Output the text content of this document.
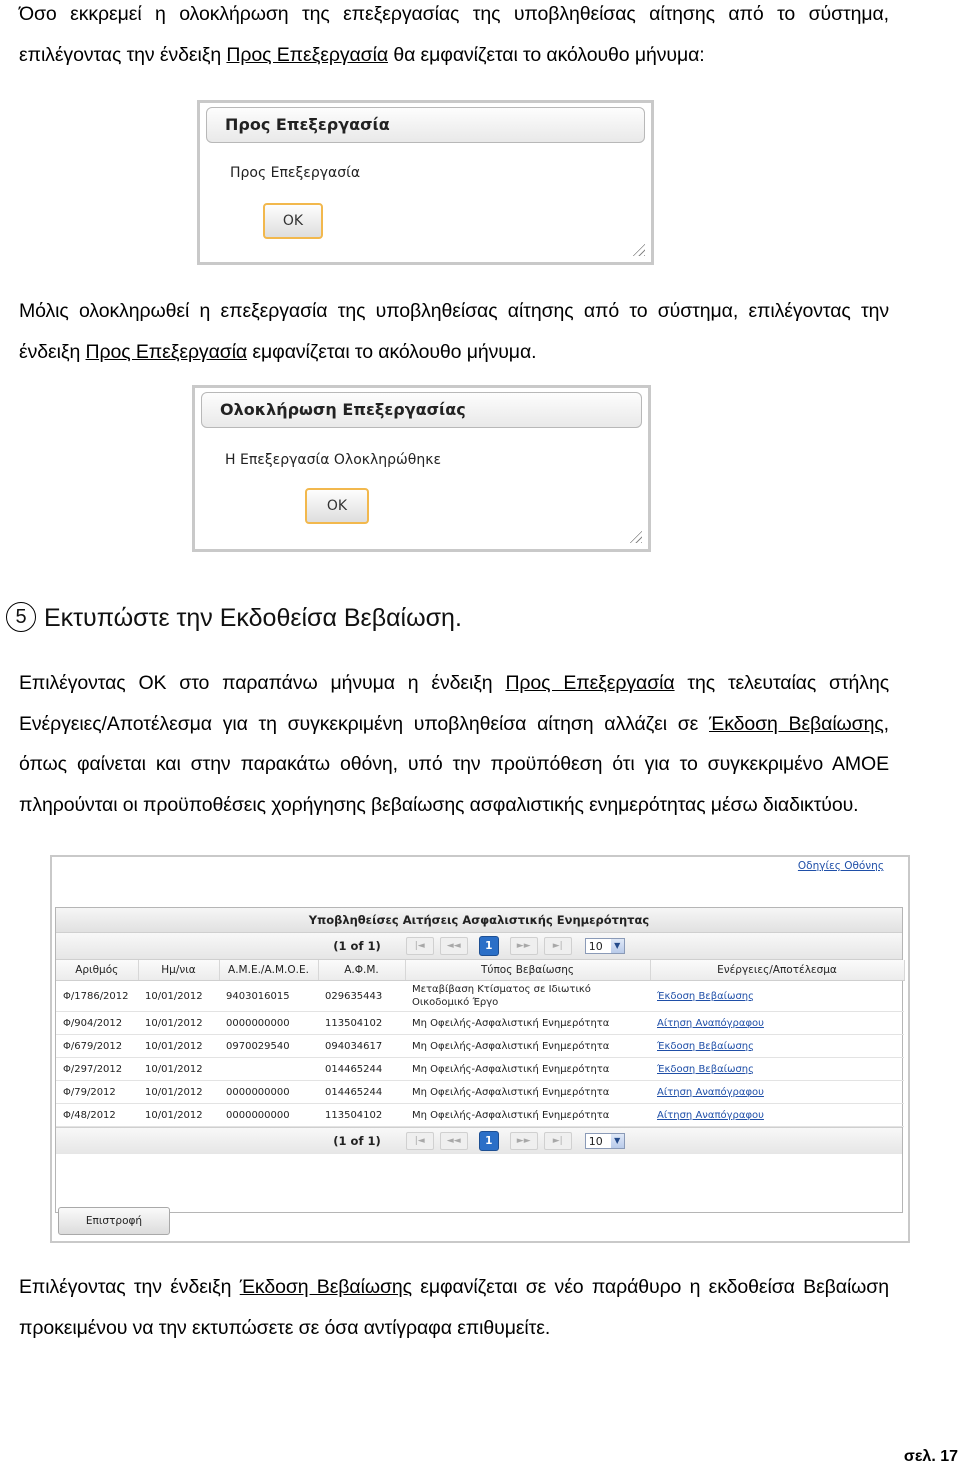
Όσο εκκρεμεί η ολοκλήρωση της επεξεργασίας της υποβληθείσας αίτησης από το σύστημα, επιλέγοντας την ένδειξη Προς Επεξεργασία θα εμφανίζεται το ακόλουθο μήνυμα:
Προς Επεξεργασία
Προς Επεξεργασία
OK
Μόλις ολοκληρωθεί η επεξεργασία της υποβληθείσας αίτησης από το σύστημα, επιλέγοντας την ένδειξη Προς Επεξεργασία εμφανίζεται το ακόλουθο μήνυμα.
Ολοκλήρωση Επεξεργασίας
Η Επεξεργασία Ολοκληρώθηκε
OK
5 Εκτυπώστε την Εκδοθείσα Βεβαίωση.
Επιλέγοντας OK στο παραπάνω μήνυμα η ένδειξη Προς Επεξεργασία της τελευταίας στήλης Ενέργειες/Αποτέλεσμα για τη συγκεκριμένη υποβληθείσα αίτηση αλλάζει σε Έκδοση Βεβαίωσης, όπως φαίνεται και στην παρακάτω οθόνη, υπό την προϋπόθεση ότι για το συγκεκριμένο ΑΜΟΕ πληρούνται οι προϋποθέσεις χορήγησης βεβαίωσης ασφαλιστικής ενημερότητας μέσω διαδικτύου.
Οδηγίες Οθόνης
Υποβληθείσες Αιτήσεις Ασφαλιστικής Ενημερότητας
(1 of 1)	|◄	◄◄	1	►►	►|	10	▼
Αριθμός	Ημ/νια	Α.Μ.Ε./Α.Μ.Ο.Ε.	Α.Φ.Μ.	Τύπος Βεβαίωσης	Ενέργειες/Αποτέλεσμα
Φ/1786/2012	10/01/2012	9403016015	029635443	Μεταβίβαση Κτίσματος σε Ιδιωτικό Οικοδομικό Έργο	Έκδοση Βεβαίωσης
Φ/904/2012	10/01/2012	0000000000	113504102	Μη Οφειλής-Ασφαλιστική Ενημερότητα	Αίτηση Αναπόγραφου
Φ/679/2012	10/01/2012	0970029540	094034617	Μη Οφειλής-Ασφαλιστική Ενημερότητα	Έκδοση Βεβαίωσης
Φ/297/2012	10/01/2012		014465244	Μη Οφειλής-Ασφαλιστική Ενημερότητα	Έκδοση Βεβαίωσης
Φ/79/2012	10/01/2012	0000000000	014465244	Μη Οφειλής-Ασφαλιστική Ενημερότητα	Αίτηση Αναπόγραφου
Φ/48/2012	10/01/2012	0000000000	113504102	Μη Οφειλής-Ασφαλιστική Ενημερότητα	Αίτηση Αναπόγραφου
(1 of 1)	|◄	◄◄	1	►►	►|	10	▼
Επιστροφή
Επιλέγοντας την ένδειξη Έκδοση Βεβαίωσης εμφανίζεται σε νέο παράθυρο η εκδοθείσα Βεβαίωση προκειμένου να την εκτυπώσετε σε όσα αντίγραφα επιθυμείτε.
σελ. 17
